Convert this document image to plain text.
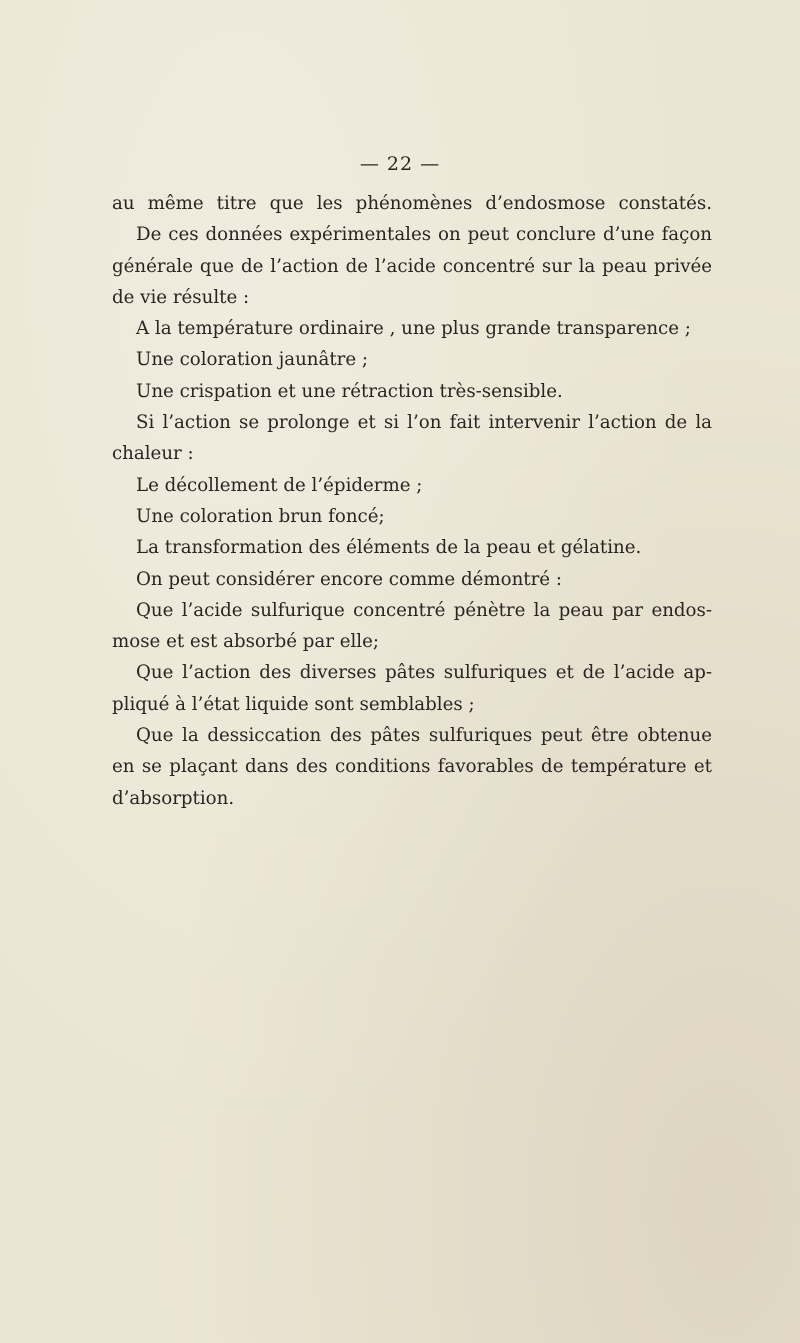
— 22 —

au même titre que les phénomènes d’endosmose constatés.
De ces données expérimentales on peut conclure d’une façon
générale que de l’action de l’acide concentré sur la peau privée
de vie résulte :
A la température ordinaire , une plus grande transparence ;
Une coloration jaunâtre ;
Une crispation et une rétraction très-sensible.
Si l’action se prolonge et si l’on fait intervenir l’action de la
chaleur :
Le décollement de l’épiderme ;
Une coloration brun foncé;
La transformation des éléments de la peau et gélatine.
On peut considérer encore comme démontré :
Que l’acide sulfurique concentré pénètre la peau par endos-
mose et est absorbé par elle;
Que l’action des diverses pâtes sulfuriques et de l’acide ap-
pliqué à l’état liquide sont semblables ;
Que la dessiccation des pâtes sulfuriques peut être obtenue
en se plaçant dans des conditions favorables de température et
d’absorption.
